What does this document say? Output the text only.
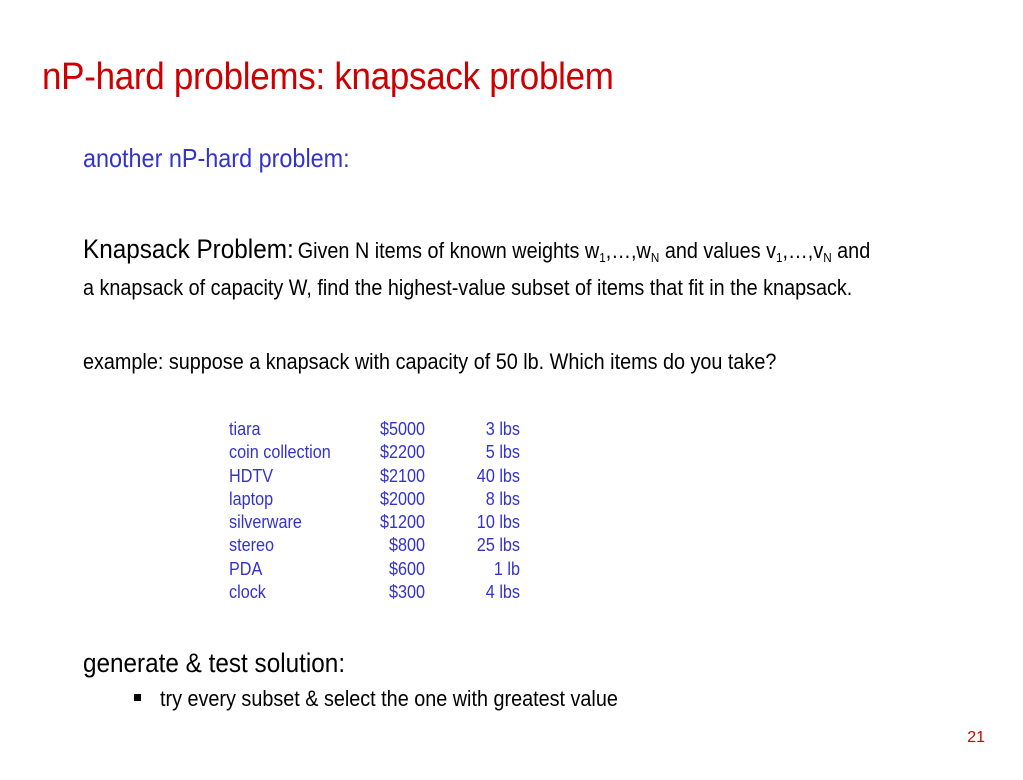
nP-hard problems: knapsack problem
another nP-hard problem:
Knapsack Problem: Given N items of known weights $w_1,\dots,w_N$ and values $v_1,\dots,v_N$ and
a knapsack of capacity W, find the highest-value subset of items that fit in the knapsack.
example: suppose a knapsack with capacity of 50 lb. Which items do you take?
tiara	$5000	3 lbs
coin collection	$2200	5 lbs
HDTV	$2100	40 lbs
laptop	$2000	8 lbs
silverware	$1200	10 lbs
stereo	$800	25 lbs
PDA	$600	1 lb
clock	$300	4 lbs
generate & test solution:
try every subset & select the one with greatest value
21
